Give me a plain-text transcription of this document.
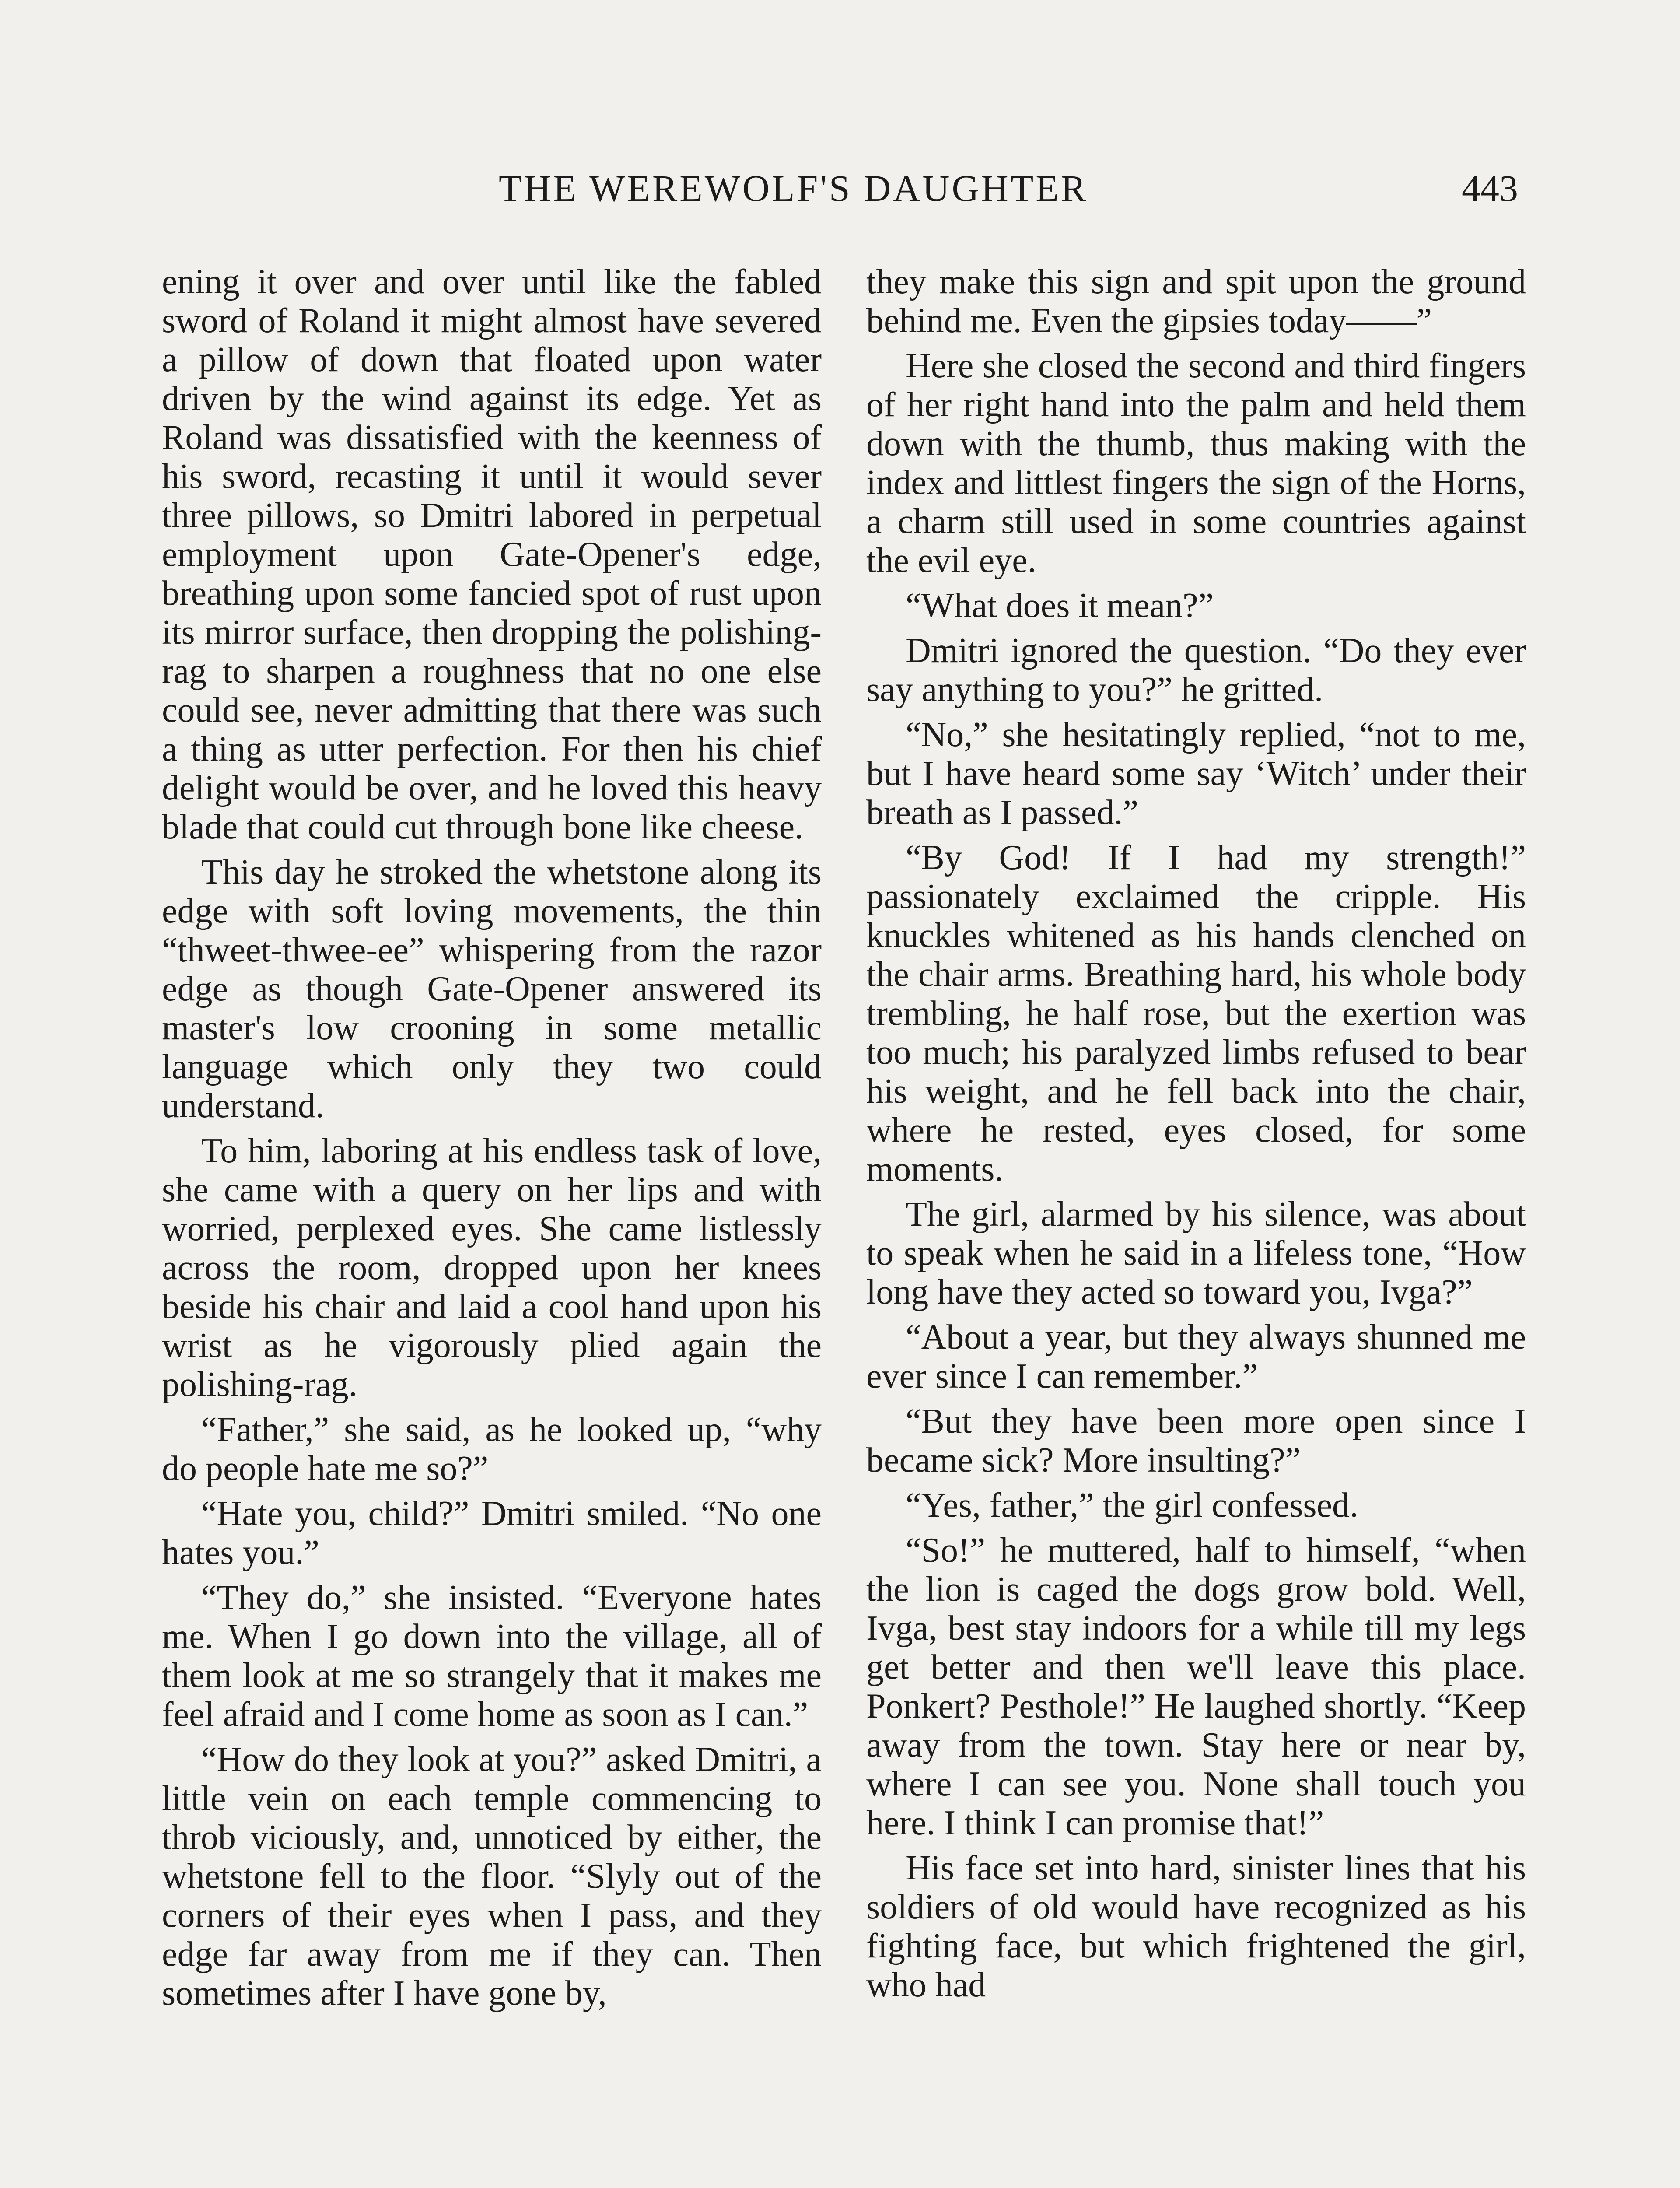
THE WEREWOLF'S DAUGHTER	443

ening it over and over until like the fabled sword of Roland it might almost have severed a pillow of down that floated upon water driven by the wind against its edge. Yet as Roland was dissatisfied with the keenness of his sword, recasting it until it would sever three pillows, so Dmitri labored in perpetual employment upon Gate-Opener's edge, breathing upon some fancied spot of rust upon its mirror surface, then dropping the polishing-rag to sharpen a roughness that no one else could see, never admitting that there was such a thing as utter perfection. For then his chief delight would be over, and he loved this heavy blade that could cut through bone like cheese.

This day he stroked the whetstone along its edge with soft loving movements, the thin “thweet-thwee-ee” whispering from the razor edge as though Gate-Opener answered its master's low crooning in some metallic language which only they two could understand.

To him, laboring at his endless task of love, she came with a query on her lips and with worried, perplexed eyes. She came listlessly across the room, dropped upon her knees beside his chair and laid a cool hand upon his wrist as he vigorously plied again the polishing-rag.

“Father,” she said, as he looked up, “why do people hate me so?”

“Hate you, child?” Dmitri smiled. “No one hates you.”

“They do,” she insisted. “Everyone hates me. When I go down into the village, all of them look at me so strangely that it makes me feel afraid and I come home as soon as I can.”

“How do they look at you?” asked Dmitri, a little vein on each temple commencing to throb viciously, and, unnoticed by either, the whetstone fell to the floor. “Slyly out of the corners of their eyes when I pass, and they edge far away from me if they can. Then sometimes after I have gone by,

they make this sign and spit upon the ground behind me. Even the gipsies today——”

Here she closed the second and third fingers of her right hand into the palm and held them down with the thumb, thus making with the index and littlest fingers the sign of the Horns, a charm still used in some countries against the evil eye.

“What does it mean?”

Dmitri ignored the question. “Do they ever say anything to you?” he gritted.

“No,” she hesitatingly replied, “not to me, but I have heard some say ‘Witch’ under their breath as I passed.”

“By God! If I had my strength!” passionately exclaimed the cripple. His knuckles whitened as his hands clenched on the chair arms. Breathing hard, his whole body trembling, he half rose, but the exertion was too much; his paralyzed limbs refused to bear his weight, and he fell back into the chair, where he rested, eyes closed, for some moments.

The girl, alarmed by his silence, was about to speak when he said in a lifeless tone, “How long have they acted so toward you, Ivga?”

“About a year, but they always shunned me ever since I can remember.”

“But they have been more open since I became sick? More insulting?”

“Yes, father,” the girl confessed.

“So!” he muttered, half to himself, “when the lion is caged the dogs grow bold. Well, Ivga, best stay indoors for a while till my legs get better and then we'll leave this place. Ponkert? Pesthole!” He laughed shortly. “Keep away from the town. Stay here or near by, where I can see you. None shall touch you here. I think I can promise that!”

His face set into hard, sinister lines that his soldiers of old would have recognized as his fighting face, but which frightened the girl, who had
